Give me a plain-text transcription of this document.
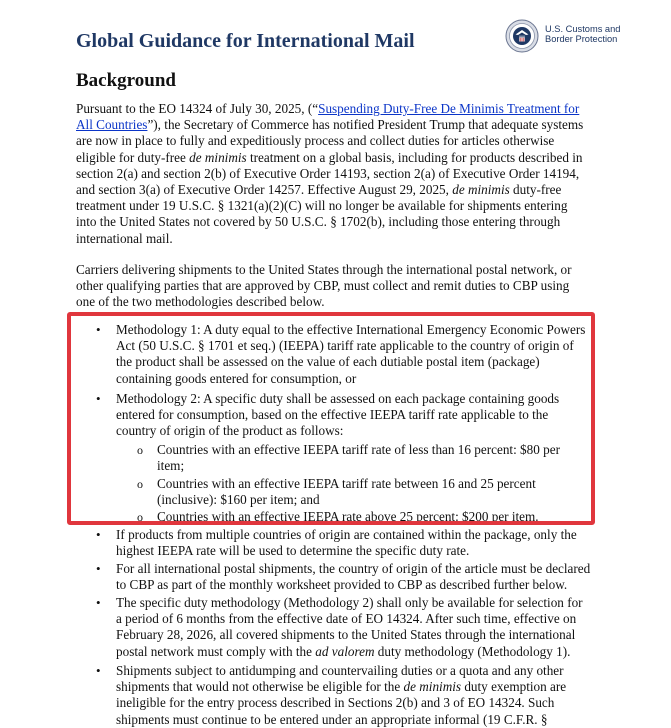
Global Guidance for International Mail
U.S. Customs and
Border Protection
Background
Pursuant to the EO 14324 of July 30, 2025, (“Suspending Duty-Free De Minimis Treatment for
All Countries”), the Secretary of Commerce has notified President Trump that adequate systems
are now in place to fully and expeditiously process and collect duties for articles otherwise
eligible for duty-free de minimis treatment on a global basis, including for products described in
section 2(a) and section 2(b) of Executive Order 14193, section 2(a) of Executive Order 14194,
and section 3(a) of Executive Order 14257. Effective August 29, 2025, de minimis duty-free
treatment under 19 U.S.C. § 1321(a)(2)(C) will no longer be available for shipments entering
into the United States not covered by 50 U.S.C. § 1702(b), including those entering through
international mail.
Carriers delivering shipments to the United States through the international postal network, or
other qualifying parties that are approved by CBP, must collect and remit duties to CBP using
one of the two methodologies described below.
• Methodology 1: A duty equal to the effective International Emergency Economic Powers
Act (50 U.S.C. § 1701 et seq.) (IEEPA) tariff rate applicable to the country of origin of
the product shall be assessed on the value of each dutiable postal item (package)
containing goods entered for consumption, or
• Methodology 2: A specific duty shall be assessed on each package containing goods
entered for consumption, based on the effective IEEPA tariff rate applicable to the
country of origin of the product as follows:
o Countries with an effective IEEPA tariff rate of less than 16 percent: $80 per
item;
o Countries with an effective IEEPA tariff rate between 16 and 25 percent
(inclusive): $160 per item; and
o Countries with an effective IEEPA rate above 25 percent: $200 per item.
• If products from multiple countries of origin are contained within the package, only the
highest IEEPA rate will be used to determine the specific duty rate.
• For all international postal shipments, the country of origin of the article must be declared
to CBP as part of the monthly worksheet provided to CBP as described further below.
• The specific duty methodology (Methodology 2) shall only be available for selection for
a period of 6 months from the effective date of EO 14324. After such time, effective on
February 28, 2026, all covered shipments to the United States through the international
postal network must comply with the ad valorem duty methodology (Methodology 1).
• Shipments subject to antidumping and countervailing duties or a quota and any other
shipments that would not otherwise be eligible for the de minimis duty exemption are
ineligible for the entry process described in Sections 2(b) and 3 of EO 14324. Such
shipments must continue to be entered under an appropriate informal (19 C.F.R. §
